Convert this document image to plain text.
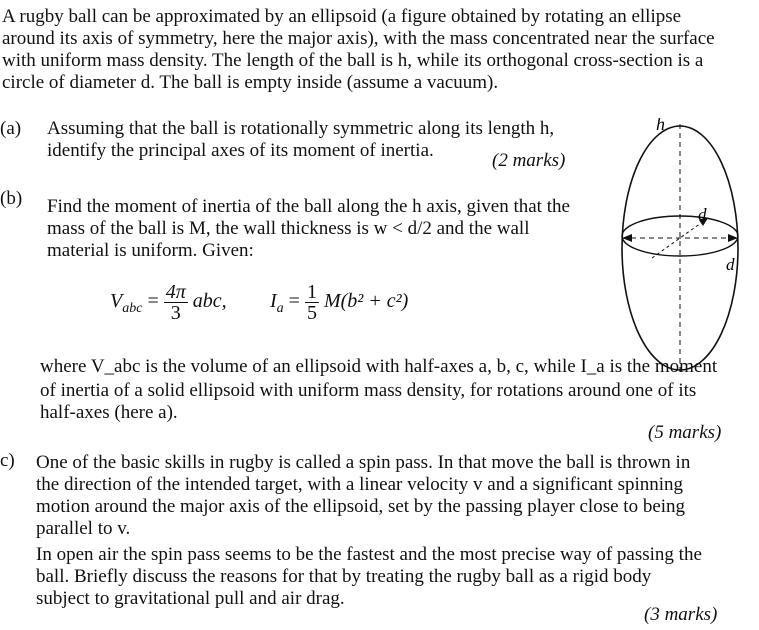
A rugby ball can be approximated by an ellipsoid (a figure obtained by rotating an ellipse
around its axis of symmetry, here the major axis), with the mass concentrated near the surface
with uniform mass density. The length of the ball is h, while its orthogonal cross-section is a
circle of diameter d. The ball is empty inside (assume a vacuum).
(a) Assuming that the ball is rotationally symmetric along its length h,
identify the principal axes of its moment of inertia.	(2 marks)
(b) Find the moment of inertia of the ball along the h axis, given that the
mass of the ball is M, the wall thickness is w < d/2 and the wall
material is uniform. Given:
$V_{abc} = \frac{4\pi}{3}$ abc, $I_a = \frac{1}{5} M(b^2 + c^2)$
where V_abc is the volume of an ellipsoid with half-axes a, b, c, while I_a is the moment
of inertia of a solid ellipsoid with uniform mass density, for rotations around one of its
half-axes (here a).
(5 marks)
c) One of the basic skills in rugby is called a spin pass. In that move the ball is thrown in
the direction of the intended target, with a linear velocity v and a significant spinning
motion around the major axis of the ellipsoid, set by the passing player close to being
parallel to v.
In open air the spin pass seems to be the fastest and the most precise way of passing the
ball. Briefly discuss the reasons for that by treating the rugby ball as a rigid body
subject to gravitational pull and air drag.
(3 marks)
h
d
d
